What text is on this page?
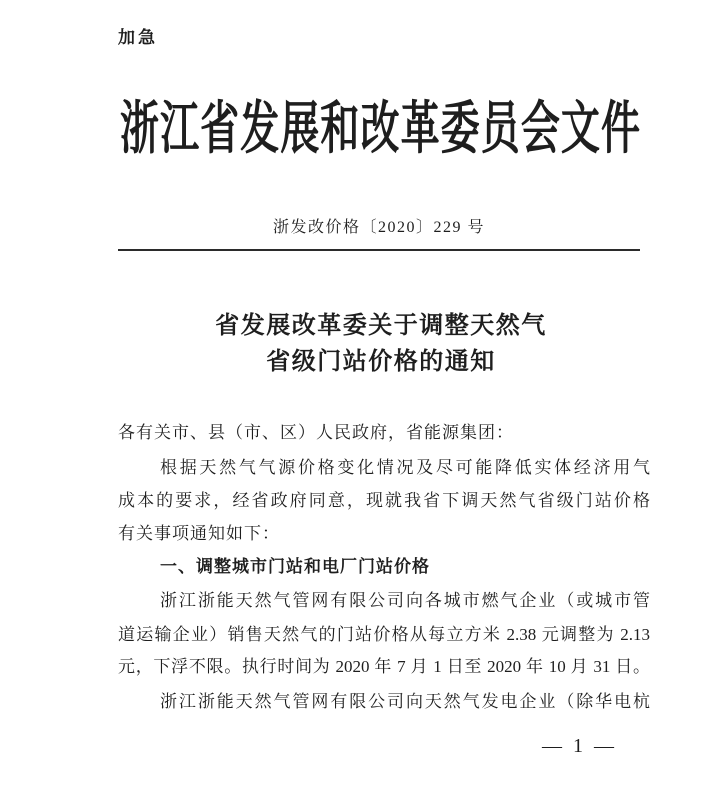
加急
浙江省发展和改革委员会文件
浙发改价格〔2020〕229 号
省发展改革委关于调整天然气
省级门站价格的通知
各有关市、县（市、区）人民政府，省能源集团：
根据天然气气源价格变化情况及尽可能降低实体经济用气
成本的要求，经省政府同意，现就我省下调天然气省级门站价格
有关事项通知如下：
一、调整城市门站和电厂门站价格
浙江浙能天然气管网有限公司向各城市燃气企业（或城市管
道运输企业）销售天然气的门站价格从每立方米 2.38 元调整为 2.13
元，下浮不限。执行时间为 2020 年 7 月 1 日至 2020 年 10 月 31 日。
浙江浙能天然气管网有限公司向天然气发电企业（除华电杭
— 1 —
